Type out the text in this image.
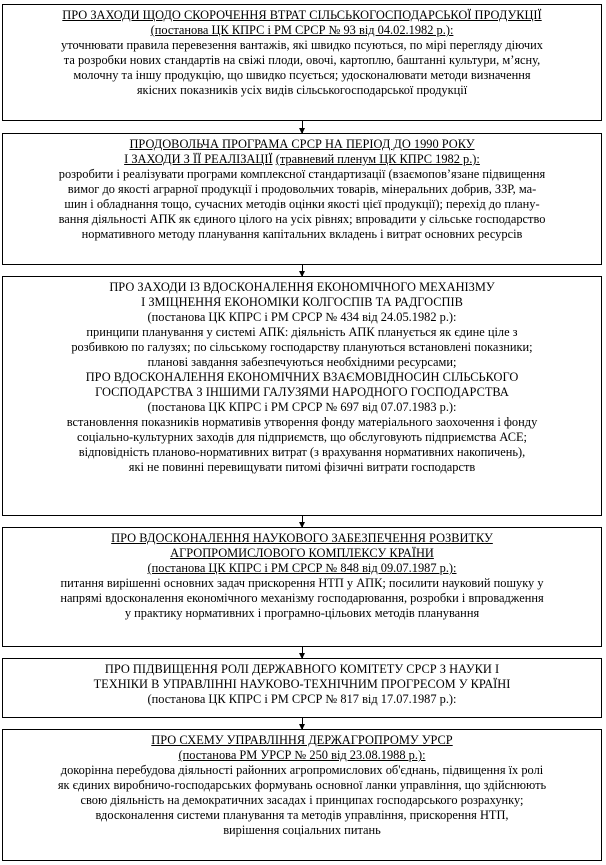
ПРО ЗАХОДИ ЩОДО СКОРОЧЕННЯ ВТРАТ СІЛЬСЬКОГОСПОДАРСЬКОЇ ПРОДУКЦІЇ

(постанова ЦК КПРС і РМ СРСР № 93 від 04.02.1982 р.):

уточнювати правила перевезення вантажів, які швидко псуються, по мірі перегляду діючих

та розробки нових стандартів на свіжі плоди, овочі, картоплю, баштанні культури, м’ясну,

молочну та іншу продукцію, що швидко псується; удосконалювати методи визначення

якісних показників усіх видів сільськогосподарської продукції

ПРОДОВОЛЬЧА ПРОГРАМА СРСР НА ПЕРІОД ДО 1990 РОКУ

І ЗАХОДИ З ЇЇ РЕАЛІЗАЦІЇ (травневий пленум ЦК КПРС 1982 р.):

розробити і реалізувати програми комплексної стандартизації (взаємопов’язане підвищення

вимог до якості аграрної продукції і продовольчих товарів, мінеральних добрив, ЗЗР, ма-

шин і обладнання тощо, сучасних методів оцінки якості цієї продукції); перехід до плану-

вання діяльності АПК як єдиного цілого на усіх рівнях; впровадити у сільське господарство

нормативного методу планування капітальних вкладень і витрат основних ресурсів

ПРО ЗАХОДИ ІЗ ВДОСКОНАЛЕННЯ ЕКОНОМІЧНОГО МЕХАНІЗМУ

І ЗМІЦНЕННЯ ЕКОНОМІКИ КОЛГОСПІВ ТА РАДГОСПІВ

(постанова ЦК КПРС і РМ СРСР № 434 від 24.05.1982 р.):

принципи планування у системі АПК: діяльність АПК планується як єдине ціле з

розбивкою по галузях; по сільському господарству плануються встановлені показники;

планові завдання забезпечуються необхідними ресурсами;

ПРО ВДОСКОНАЛЕННЯ ЕКОНОМІЧНИХ ВЗАЄМОВІДНОСИН СІЛЬСЬКОГО

ГОСПОДАРСТВА З ІНШИМИ ГАЛУЗЯМИ НАРОДНОГО ГОСПОДАРСТВА

(постанова ЦК КПРС і РМ СРСР № 697 від 07.07.1983 р.):

встановлення показників нормативів утворення фонду матеріального заохочення і фонду

соціально-культурних заходів для підприємств, що обслуговують підприємства АСЕ;

відповідність планово-нормативних витрат (з врахування нормативних накопичень),

які не повинні перевищувати питомі фізичні витрати господарств

ПРО ВДОСКОНАЛЕННЯ НАУКОВОГО ЗАБЕЗПЕЧЕННЯ РОЗВИТКУ

АГРОПРОМИСЛОВОГО КОМПЛЕКСУ КРАЇНИ

(постанова ЦК КПРС і РМ СРСР № 848 від 09.07.1987 р.):

питання вирішенні основних задач прискорення НТП у АПК; посилити науковий пошуку у

напрямі вдосконалення економічного механізму господарювання, розробки і впровадження

у практику нормативних і програмно-цільових методів планування

ПРО ПІДВИЩЕННЯ РОЛІ ДЕРЖАВНОГО КОМІТЕТУ СРСР З НАУКИ І

ТЕХНІКИ В УПРАВЛІННІ НАУКОВО-ТЕХНІЧНИМ ПРОГРЕСОМ У КРАЇНІ

(постанова ЦК КПРС і РМ СРСР № 817 від 17.07.1987 р.):

ПРО СХЕМУ УПРАВЛІННЯ ДЕРЖАГРОПРОМУ УРСР

(постанова РМ УРСР № 250 від 23.08.1988 р.):

докорінна перебудова діяльності районних агропромислових об'єднань, підвищення їх ролі

як єдиних виробничо-господарських формувань основної ланки управління, що здійснюють

свою діяльність на демократичних засадах і принципах господарського розрахунку;

вдосконалення системи планування та методів управління, прискорення НТП,

вирішення соціальних питань
